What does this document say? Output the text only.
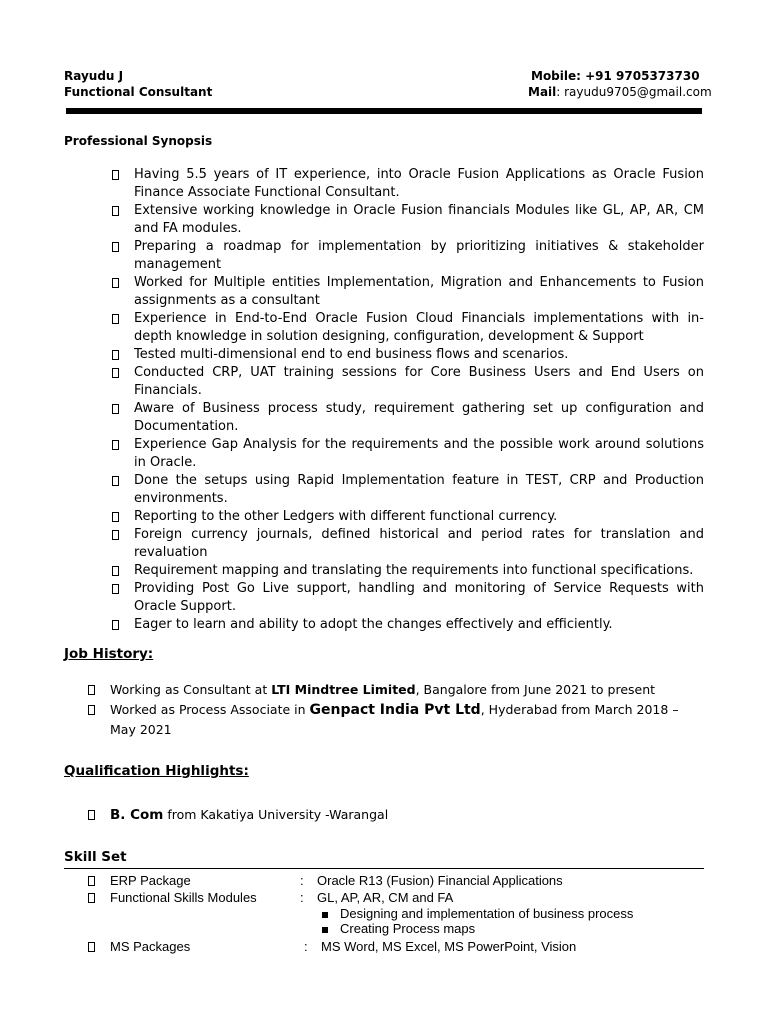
Rayudu J
Functional Consultant
Mobile: +91 9705373730
Mail: rayudu9705@gmail.com
Professional Synopsis
Having 5.5 years of IT experience, into Oracle Fusion Applications as Oracle Fusion Finance Associate Functional Consultant.
Extensive working knowledge in Oracle Fusion financials Modules like GL, AP, AR, CM and FA modules.
Preparing a roadmap for implementation by prioritizing initiatives & stakeholder management
Worked for Multiple entities Implementation, Migration and Enhancements to Fusion assignments as a consultant
Experience in End-to-End Oracle Fusion Cloud Financials implementations with in-depth knowledge in solution designing, configuration, development & Support
Tested multi-dimensional end to end business flows and scenarios.
Conducted CRP, UAT training sessions for Core Business Users and End Users on Financials.
Aware of Business process study, requirement gathering set up configuration and Documentation.
Experience Gap Analysis for the requirements and the possible work around solutions in Oracle.
Done the setups using Rapid Implementation feature in TEST, CRP and Production environments.
Reporting to the other Ledgers with different functional currency.
Foreign currency journals, defined historical and period rates for translation and revaluation
Requirement mapping and translating the requirements into functional specifications.
Providing Post Go Live support, handling and monitoring of Service Requests with Oracle Support.
Eager to learn and ability to adopt the changes effectively and efficiently.
Job History:
Working as Consultant at LTI Mindtree Limited, Bangalore from June 2021 to present
Worked as Process Associate in Genpact India Pvt Ltd, Hyderabad from March 2018 – May 2021
Qualification Highlights:
B. Com from Kakatiya University -Warangal
Skill Set
ERP Package	: Oracle R13 (Fusion) Financial Applications
Functional Skills Modules	: GL, AP, AR, CM and FA
Designing and implementation of business process
Creating Process maps
MS Packages	: MS Word, MS Excel, MS PowerPoint, Vision
